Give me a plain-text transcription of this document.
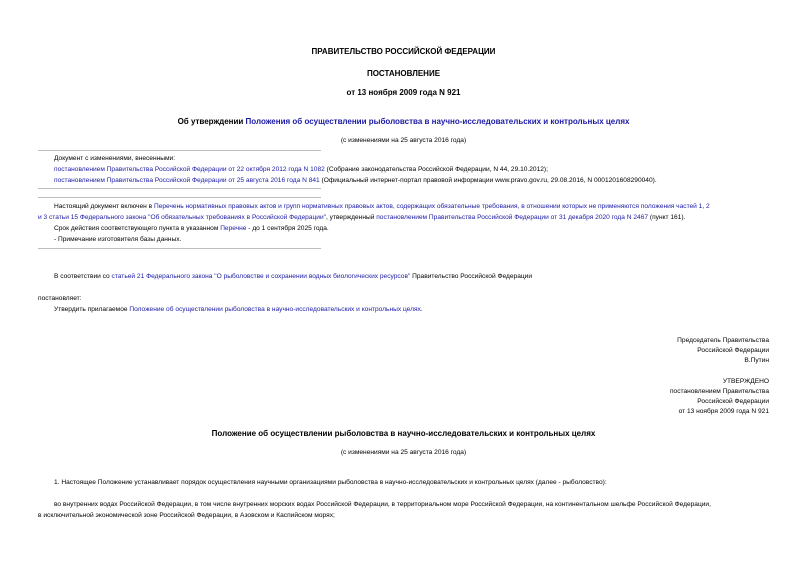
ПРАВИТЕЛЬСТВО РОССИЙСКОЙ ФЕДЕРАЦИИ
ПОСТАНОВЛЕНИЕ
от 13 ноября 2009 года N 921
Об утверждении Положения об осуществлении рыболовства в научно-исследовательских и контрольных целях
(с изменениями на 25 августа 2016 года)
Документ с изменениями, внесенными:
постановлением Правительства Российской Федерации от 22 октября 2012 года N 1082 (Собрание законодательства Российской Федерации, N 44, 29.10.2012);
постановлением Правительства Российской Федерации от 25 августа 2016 года N 841 (Официальный интернет-портал правовой информации www.pravo.gov.ru, 29.08.2016, N 0001201608290040).
Настоящий документ включен в Перечень нормативных правовых актов и групп нормативных правовых актов, содержащих обязательные требования, в отношении которых не применяются положения частей 1, 2
и 3 статьи 15 Федерального закона "Об обязательных требованиях в Российской Федерации", утвержденный постановлением Правительства Российской Федерации от 31 декабря 2020 года N 2467 (пункт 161).
Срок действия соответствующего пункта в указанном Перечне - до 1 сентября 2025 года.
- Примечание изготовителя базы данных.
В соответствии со статьей 21 Федерального закона "О рыболовстве и сохранении водных биологических ресурсов" Правительство Российской Федерации
постановляет:
Утвердить прилагаемое Положение об осуществлении рыболовства в научно-исследовательских и контрольных целях.
Председатель Правительства
Российской Федерации
В.Путин
УТВЕРЖДЕНО
постановлением Правительства
Российской Федерации
от 13 ноября 2009 года N 921
Положение об осуществлении рыболовства в научно-исследовательских и контрольных целях
(с изменениями на 25 августа 2016 года)
1. Настоящее Положение устанавливает порядок осуществления научными организациями рыболовства в научно-исследовательских и контрольных целях (далее - рыболовство):
во внутренних водах Российской Федерации, в том числе внутренних морских водах Российской Федерации, в территориальном море Российской Федерации, на континентальном шельфе Российской Федерации,
в исключительной экономической зоне Российской Федерации, в Азовском и Каспийском морях;
